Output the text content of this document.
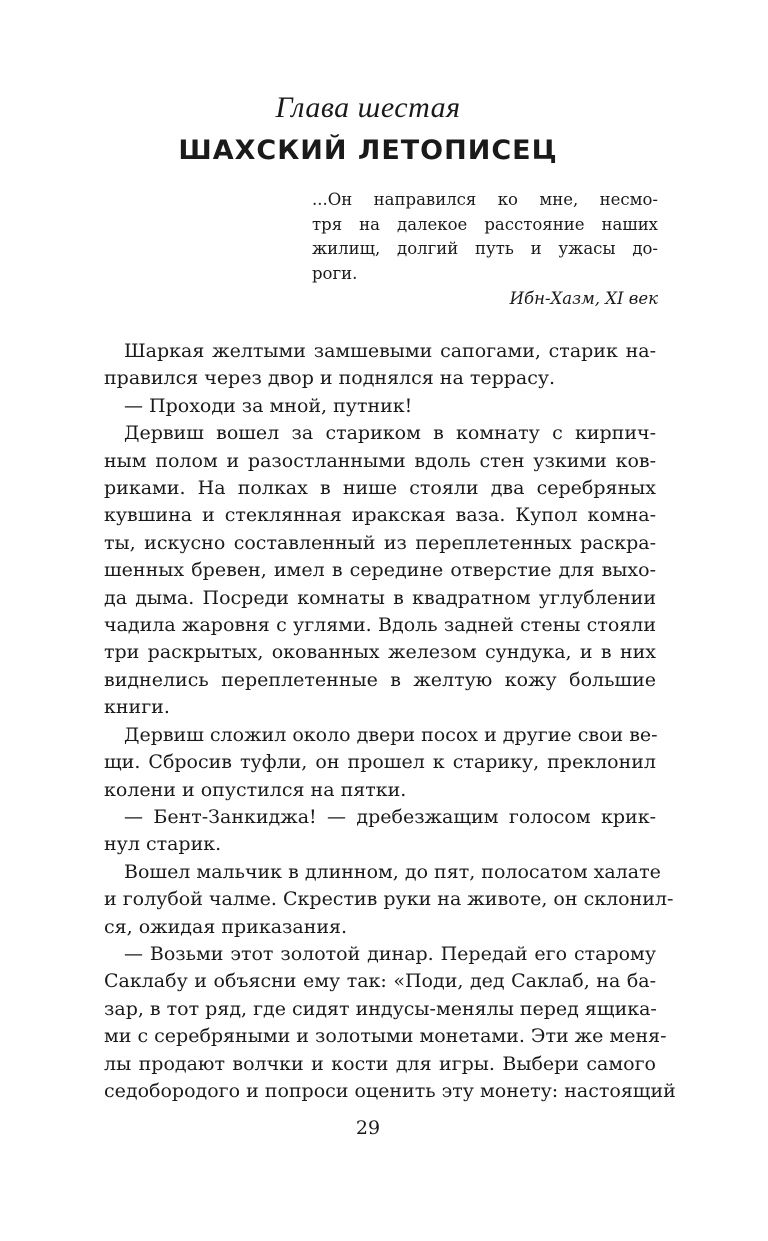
Глава шестая
ШАХСКИЙ ЛЕТОПИСЕЦ
...Он направился ко мне, несмо-
тря на далекое расстояние наших
жилищ, долгий путь и ужасы до-
роги.
Ибн-Хазм, XI век
Шаркая желтыми замшевыми сапогами, старик на-
правился через двор и поднялся на террасу.
— Проходи за мной, путник!
Дервиш вошел за стариком в комнату с кирпич-
ным полом и разостланными вдоль стен узкими ков-
риками. На полках в нише стояли два серебряных
кувшина и стеклянная иракская ваза. Купол комна-
ты, искусно составленный из переплетенных раскра-
шенных бревен, имел в середине отверстие для выхо-
да дыма. Посреди комнаты в квадратном углублении
чадила жаровня с углями. Вдоль задней стены стояли
три раскрытых, окованных железом сундука, и в них
виднелись переплетенные в желтую кожу большие
книги.
Дервиш сложил около двери посох и другие свои ве-
щи. Сбросив туфли, он прошел к старику, преклонил
колени и опустился на пятки.
— Бент-Занкиджа! — дребезжащим голосом крик-
нул старик.
Вошел мальчик в длинном, до пят, полосатом халате
и голубой чалме. Скрестив руки на животе, он склонил-
ся, ожидая приказания.
— Возьми этот золотой динар. Передай его старому
Саклабу и объясни ему так: «Поди, дед Саклаб, на ба-
зар, в тот ряд, где сидят индусы-менялы перед ящика-
ми с серебряными и золотыми монетами. Эти же меня-
лы продают волчки и кости для игры. Выбери самого
седобородого и попроси оценить эту монету: настоящий
29
